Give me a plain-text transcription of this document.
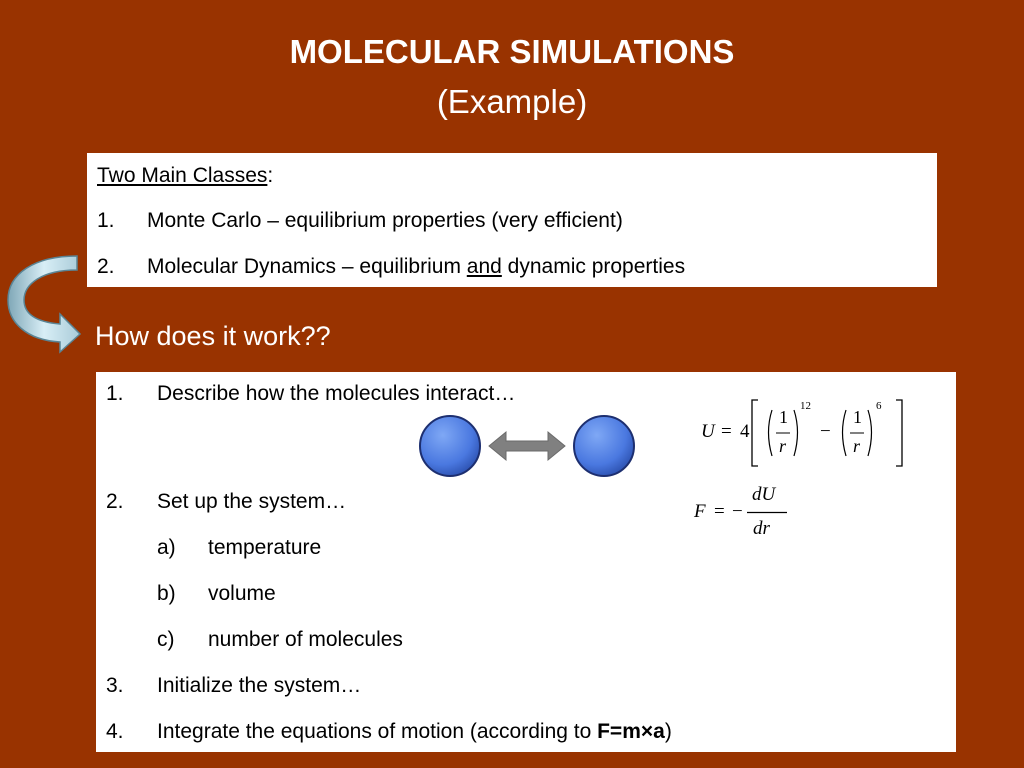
MOLECULAR SIMULATIONS
(Example)
Two Main Classes:
1. Monte Carlo – equilibrium properties (very efficient)
2. Molecular Dynamics – equilibrium and dynamic properties
How does it work??
1. Describe how the molecules interact…
U = 4
1
r
12
−
1
r
6
2. Set up the system…	F = −
dU
dr
a) temperature
b) volume
c) number of molecules
3. Initialize the system…
4. Integrate the equations of motion (according to F=m×a)
